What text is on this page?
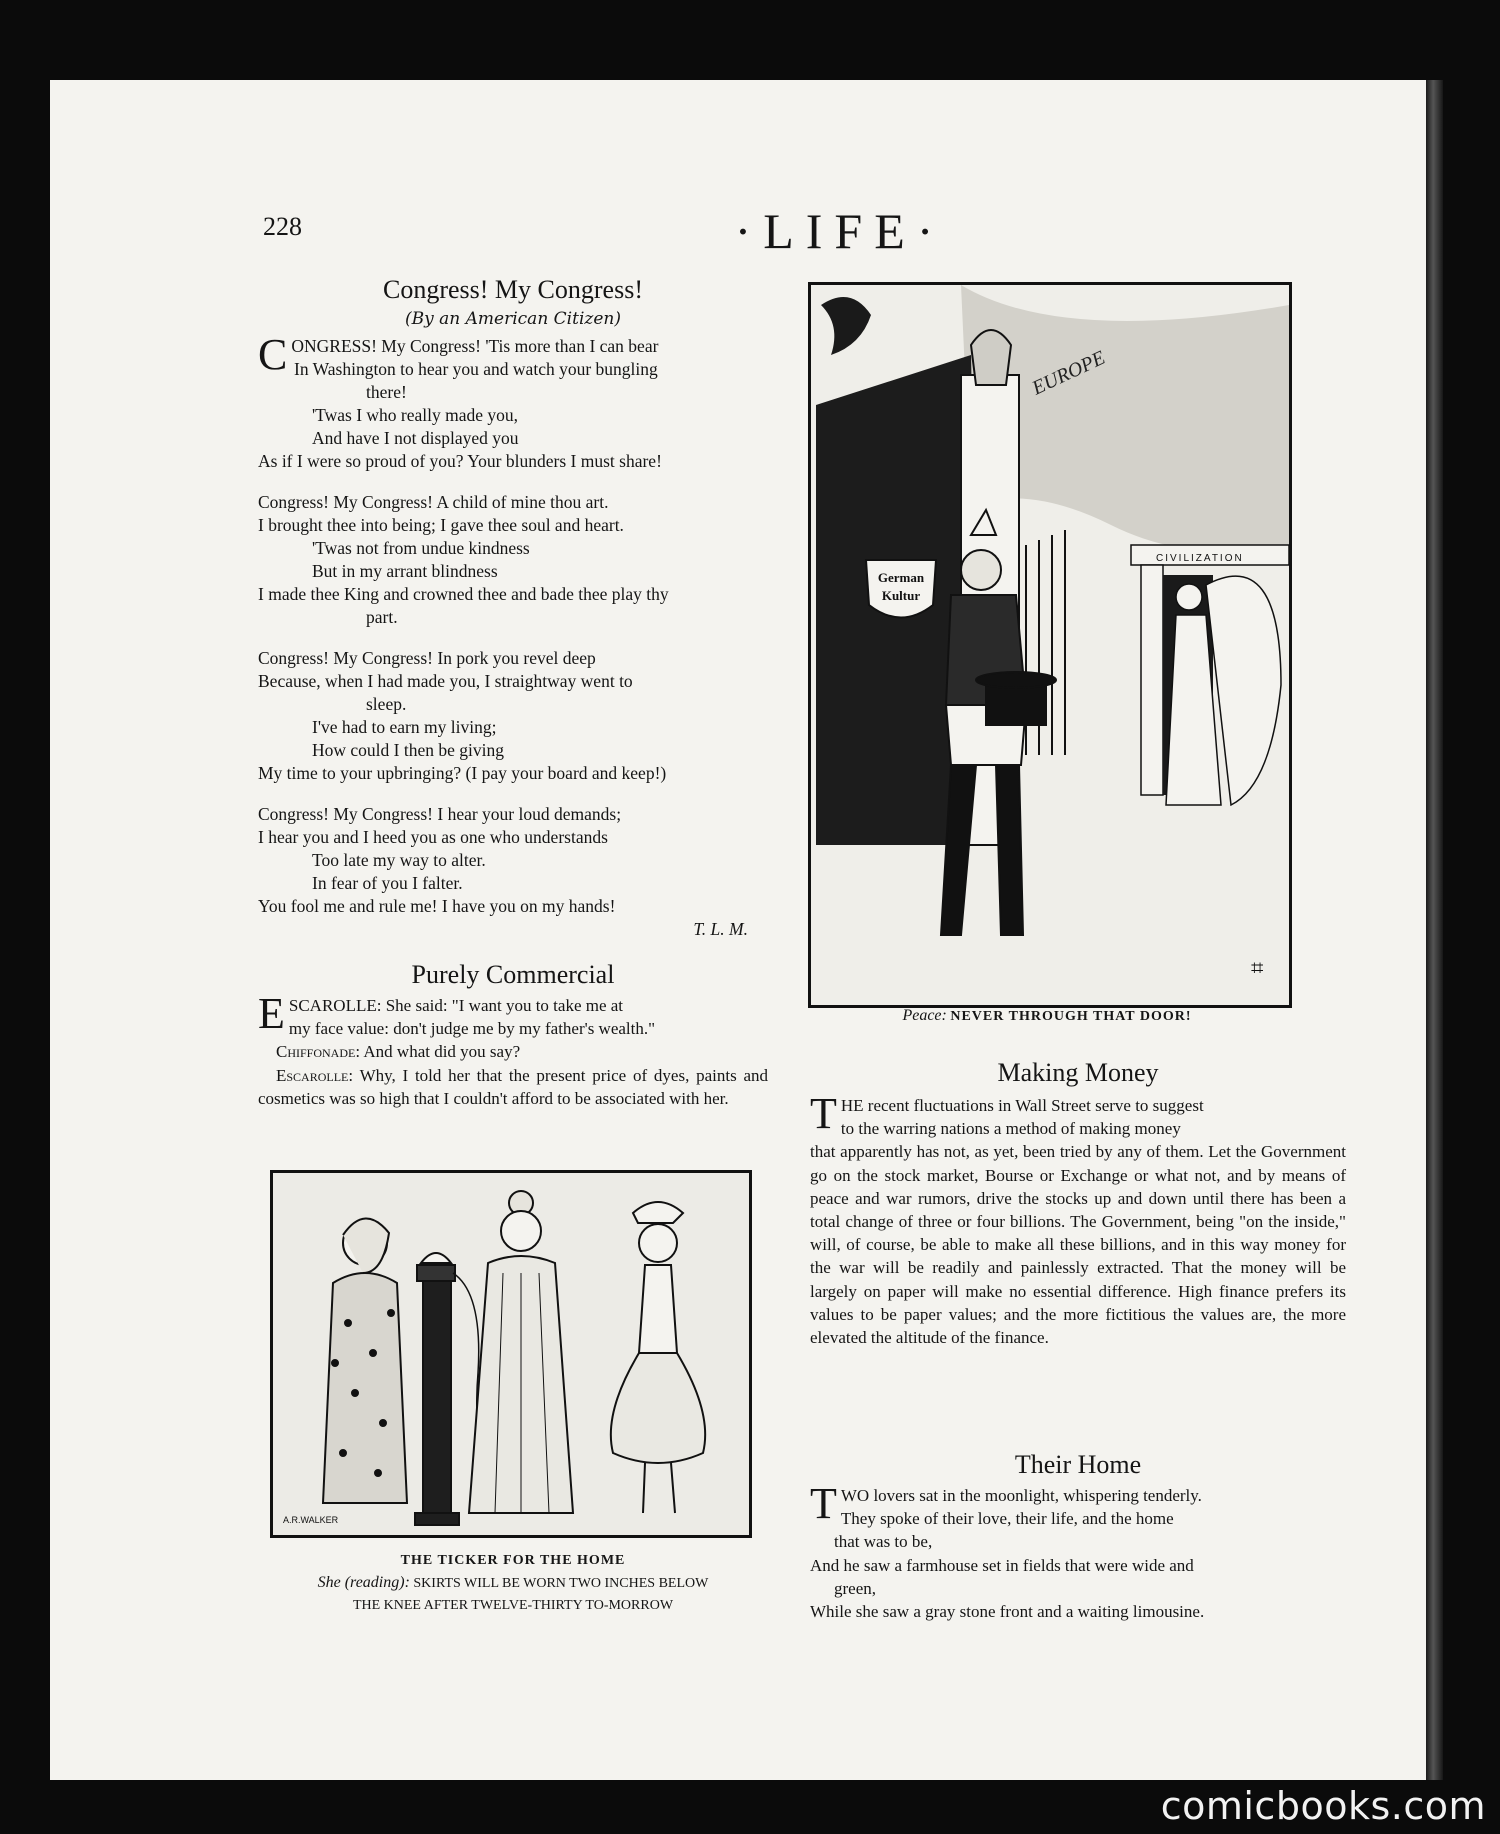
228	·LIFE·
Congress! My Congress!
(By an American Citizen)
C ONGRESS! My Congress! 'Tis more than I can bear

In Washington to hear you and watch your bungling

there!

'Twas I who really made you,

And have I not displayed you

As if I were so proud of you? Your blunders I must share!

Congress! My Congress! A child of mine thou art.

I brought thee into being; I gave thee soul and heart.

'Twas not from undue kindness

But in my arrant blindness

I made thee King and crowned thee and bade thee play thy

part.

Congress! My Congress! In pork you revel deep

Because, when I had made you, I straightway went to

sleep.

I've had to earn my living;

How could I then be giving

My time to your upbringing? (I pay your board and keep!)

Congress! My Congress! I hear your loud demands;

I hear you and I heed you as one who understands

Too late my way to alter.

In fear of you I falter.

You fool me and rule me! I have you on my hands!

T. L. M.

Purely Commercial
E SCAROLLE: She said: "I want you to take me at

my face value: don't judge me by my father's wealth."

Chiffonade: And what did you say?

Escarolle: Why, I told her that the present price of dyes, paints and cosmetics was so high that I couldn't afford to be associated with her.

A.R.WALKER
THE TICKER FOR THE HOME
She (reading): SKIRTS WILL BE WORN TWO INCHES BELOW
THE KNEE AFTER TWELVE-THIRTY TO-MORROW
EUROPE
CIVILIZATION
German
Kultur
⌗
Peace: NEVER THROUGH THAT DOOR!
Making Money
T HE recent fluctuations in Wall Street serve to suggest

to the warring nations a method of making money

that apparently has not, as yet, been tried by any of them. Let the Government go on the stock market, Bourse or Exchange or what not, and by means of peace and war rumors, drive the stocks up and down until there has been a total change of three or four billions. The Government, being "on the inside," will, of course, be able to make all these billions, and in this way money for the war will be readily and painlessly extracted. That the money will be largely on paper will make no essential difference. High finance prefers its values to be paper values; and the more fictitious the values are, the more elevated the altitude of the finance.

Their Home
T WO lovers sat in the moonlight, whispering tenderly.

They spoke of their love, their life, and the home

that was to be,

And he saw a farmhouse set in fields that were wide and

green,

While she saw a gray stone front and a waiting limousine.

comicbooks.com
